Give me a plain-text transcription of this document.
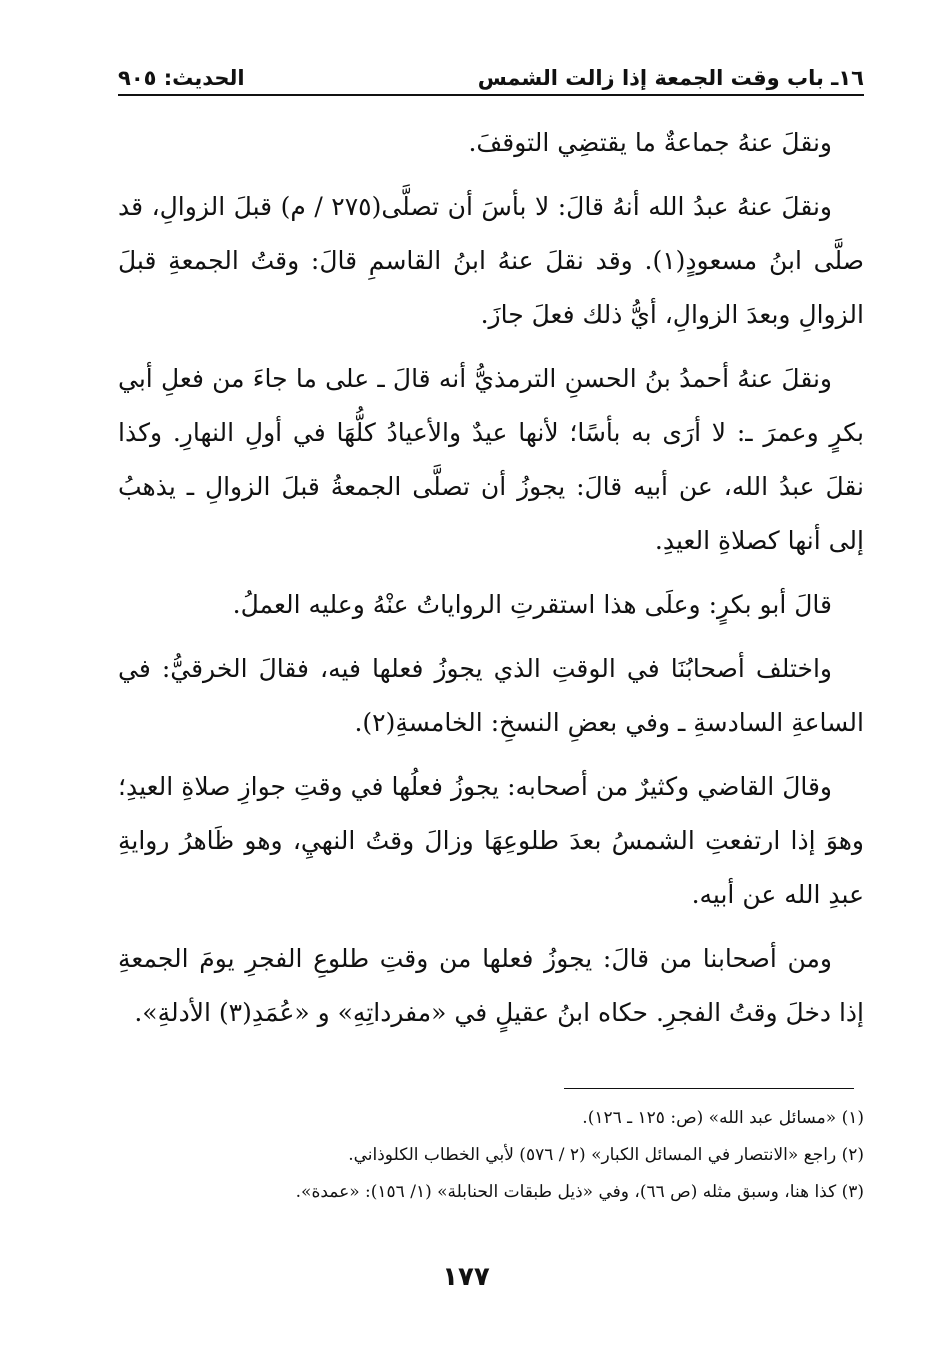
١٦ـ باب وقت الجمعة إذا زالت الشمس
الحديث: ٩٠٥

ونقلَ عنهُ جماعةٌ ما يقتضِي التوقفَ.

ونقلَ عنهُ عبدُ الله أنهُ قالَ: لا بأسَ أن تصلَّى(٢٧٥ / م) قبلَ الزوالِ، قد صلَّى ابنُ مسعودٍ(١). وقد نقلَ عنهُ ابنُ القاسمِ قالَ: وقتُ الجمعةِ قبلَ الزوالِ وبعدَ الزوالِ، أيُّ ذلك فعلَ جازَ.

ونقلَ عنهُ أحمدُ بنُ الحسنِ الترمذيُّ أنه قالَ ـ على ما جاءَ من فعلِ أبي بكرٍ وعمرَ ـ: لا أرَى به بأسًا؛ لأنها عيدٌ والأعيادُ كلُّهَا في أولِ النهارِ. وكذا نقلَ عبدُ الله، عن أبيه قالَ: يجوزُ أن تصلَّى الجمعةُ قبلَ الزوالِ ـ يذهبُ إلى أنها كصلاةِ العيدِ.

قالَ أبو بكرٍ: وعلَى هذا استقرتِ الرواياتُ عنْهُ وعليه العملُ.

واختلف أصحابُنَا في الوقتِ الذي يجوزُ فعلها فيه، فقالَ الخرقيُّ: في الساعةِ السادسةِ ـ وفي بعضِ النسخِ: الخامسةِ(٢).

وقالَ القاضي وكثيرٌ من أصحابه: يجوزُ فعلُها في وقتِ جوازِ صلاةِ العيدِ؛ وهوَ إذا ارتفعتِ الشمسُ بعدَ طلوعِهَا وزالَ وقتُ النهيِ، وهو ظَاهرُ روايةِ عبدِ الله عن أبيه.

ومن أصحابنا من قالَ: يجوزُ فعلها من وقتِ طلوعِ الفجرِ يومَ الجمعةِ إذا دخلَ وقتُ الفجرِ. حكاه ابنُ عقيلٍ في «مفرداتِهِ» و «عُمَدِ(٣) الأدلةِ».

(١) «مسائل عبد الله» (ص: ١٢٥ ـ ١٢٦).

(٢) راجع «الانتصار في المسائل الكبار» (٢ / ٥٧٦) لأبي الخطاب الكلوذاني.

(٣) كذا هنا، وسبق مثله (ص ٦٦)، وفي «ذيل طبقات الحنابلة» (١/ ١٥٦): «عمدة».

١٧٧
